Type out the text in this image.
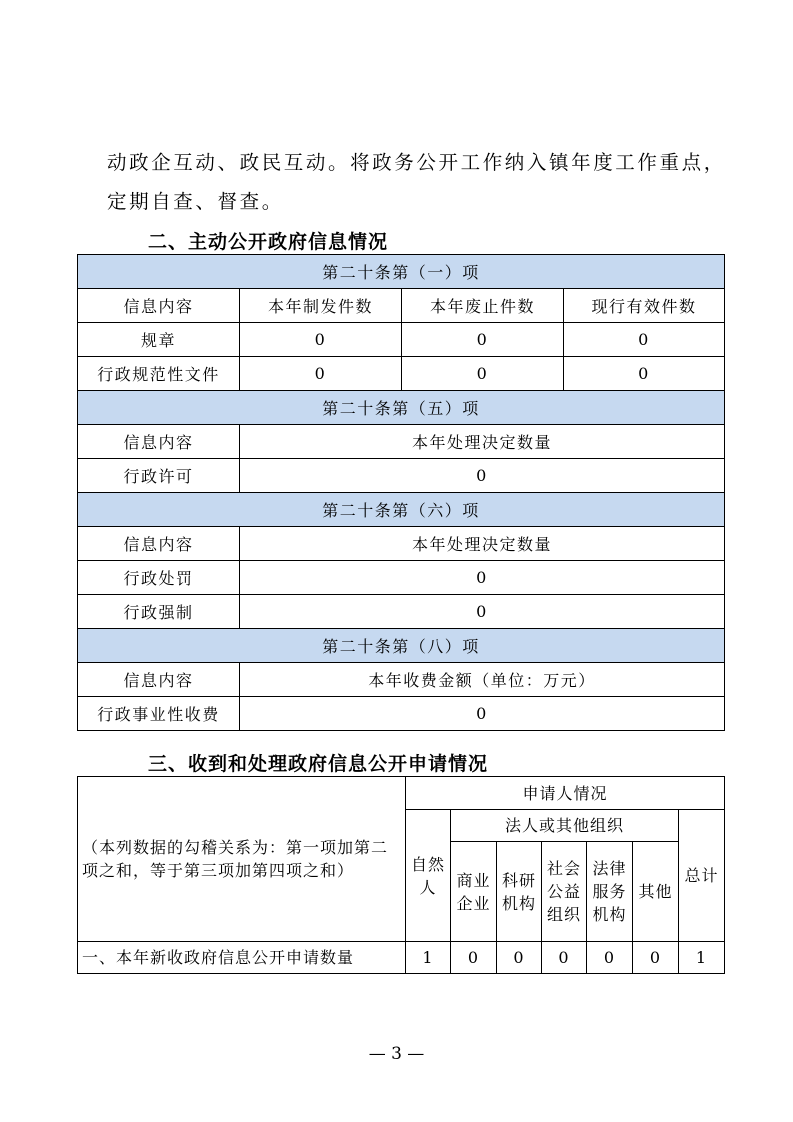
动政企互动、政民互动。将政务公开工作纳入镇年度工作重点，
定期自查、督查。
二、主动公开政府信息情况
第二十条第（一）项			
信息内容	本年制发件数	本年废止件数	现行有效件数
规章	0	0	0
行政规范性文件	0	0	0
第二十条第（五）项			
信息内容	本年处理决定数量		
行政许可	0		
第二十条第（六）项			
信息内容	本年处理决定数量		
行政处罚	0		
行政强制	0		
第二十条第（八）项			
信息内容	本年收费金额（单位：万元）		
行政事业性收费	0		
三、收到和处理政府信息公开申请情况
（本列数据的勾稽关系为：第一项加第二项之和，等于第三项加第四项之和）	申请人情况						
	自然人	法人或其他组织					总计
		商业企业	科研机构	社会公益组织	法律服务机构	其他	
一、本年新收政府信息公开申请数量	1	0	0	0	0	0	1
— 3 —
